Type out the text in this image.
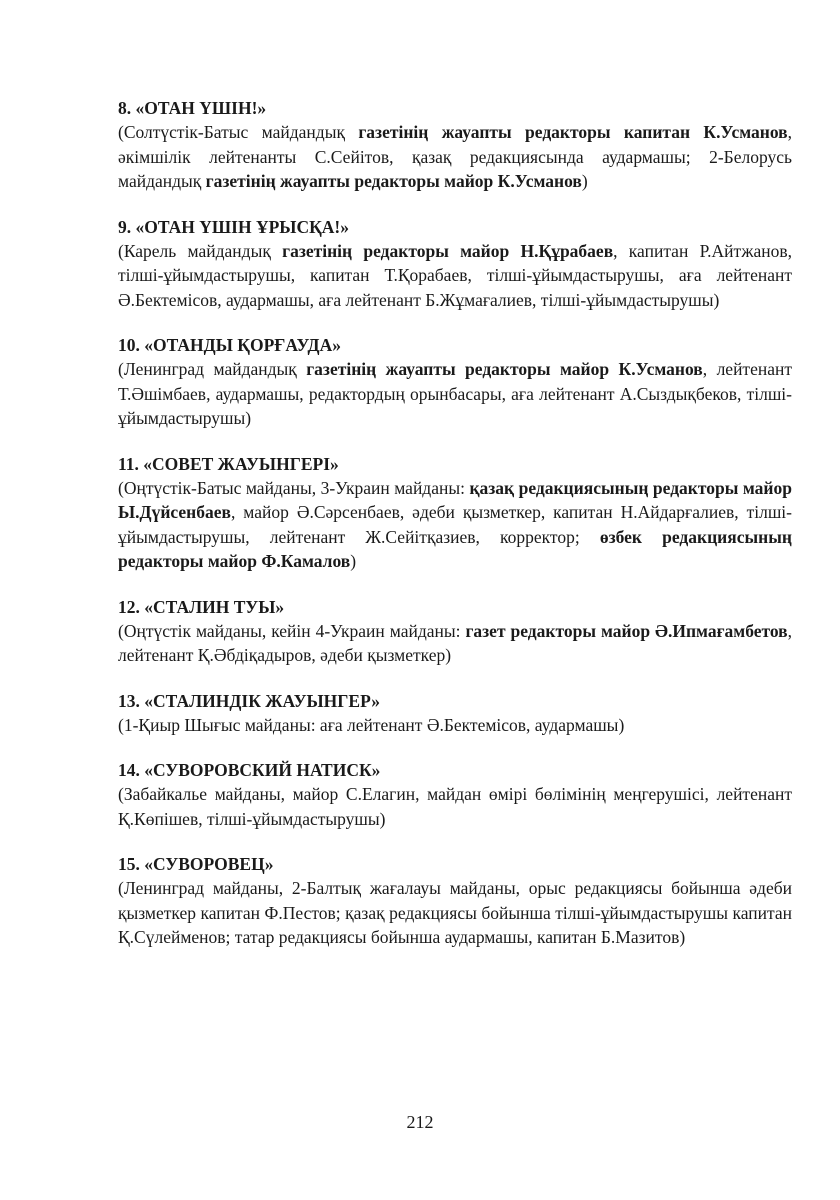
8. «ОТАН ҮШІН!»

(Солтүстік-Батыс майдандық газетінің жауапты редакторы капитан К.Усманов, әкімшілік лейтенанты С.Сейітов, қазақ редакциясында аудармашы; 2-Белорусь майдандық газетінің жауапты редакторы майор К.Усманов)

9. «ОТАН ҮШІН ҰРЫСҚА!»

(Карель майдандық газетінің редакторы майор Н.Құрабаев, капитан Р.Айтжанов, тілші-ұйымдастырушы, капитан Т.Қорабаев, тілші-ұйымдастырушы, аға лейтенант Ә.Бектемісов, аудармашы, аға лейтенант Б.Жұмағалиев, тілші-ұйымдастырушы)

10. «ОТАНДЫ ҚОРҒАУДА»

(Ленинград майдандық газетінің жауапты редакторы майор К.Усманов, лейтенант Т.Әшімбаев, аудармашы, редактордың орынбасары, аға лейтенант А.Сыздықбеков, тілші-ұйымдастырушы)

11. «СОВЕТ ЖАУЫНГЕРІ»

(Оңтүстік-Батыс майданы, 3-Украин майданы: қазақ редакциясының редакторы майор Ы.Дүйсенбаев, майор Ә.Сәрсенбаев, әдеби қызметкер, капитан Н.Айдарғалиев, тілші-ұйымдастырушы, лейтенант Ж.Сейітқазиев, корректор; өзбек редакциясының редакторы майор Ф.Камалов)

12. «СТАЛИН ТУЫ»

(Оңтүстік майданы, кейін 4-Украин майданы: газет редакторы майор Ә.Ипмағамбетов, лейтенант Қ.Әбдіқадыров, әдеби қызметкер)

13. «СТАЛИНДІК ЖАУЫНГЕР»

(1-Қиыр Шығыс майданы: аға лейтенант Ә.Бектемісов, аудармашы)

14. «СУВОРОВСКИЙ НАТИСК»

(Забайкалье майданы, майор С.Елагин, майдан өмірі бөлімінің меңгерушісі, лейтенант Қ.Көпішев, тілші-ұйымдастырушы)

15. «СУВОРОВЕЦ»

(Ленинград майданы, 2-Балтық жағалауы майданы, орыс редакциясы бойынша әдеби қызметкер капитан Ф.Пестов; қазақ редакциясы бойынша тілші-ұйымдастырушы капитан Қ.Сүлейменов; татар редакциясы бойынша аудармашы, капитан Б.Мазитов)

212
